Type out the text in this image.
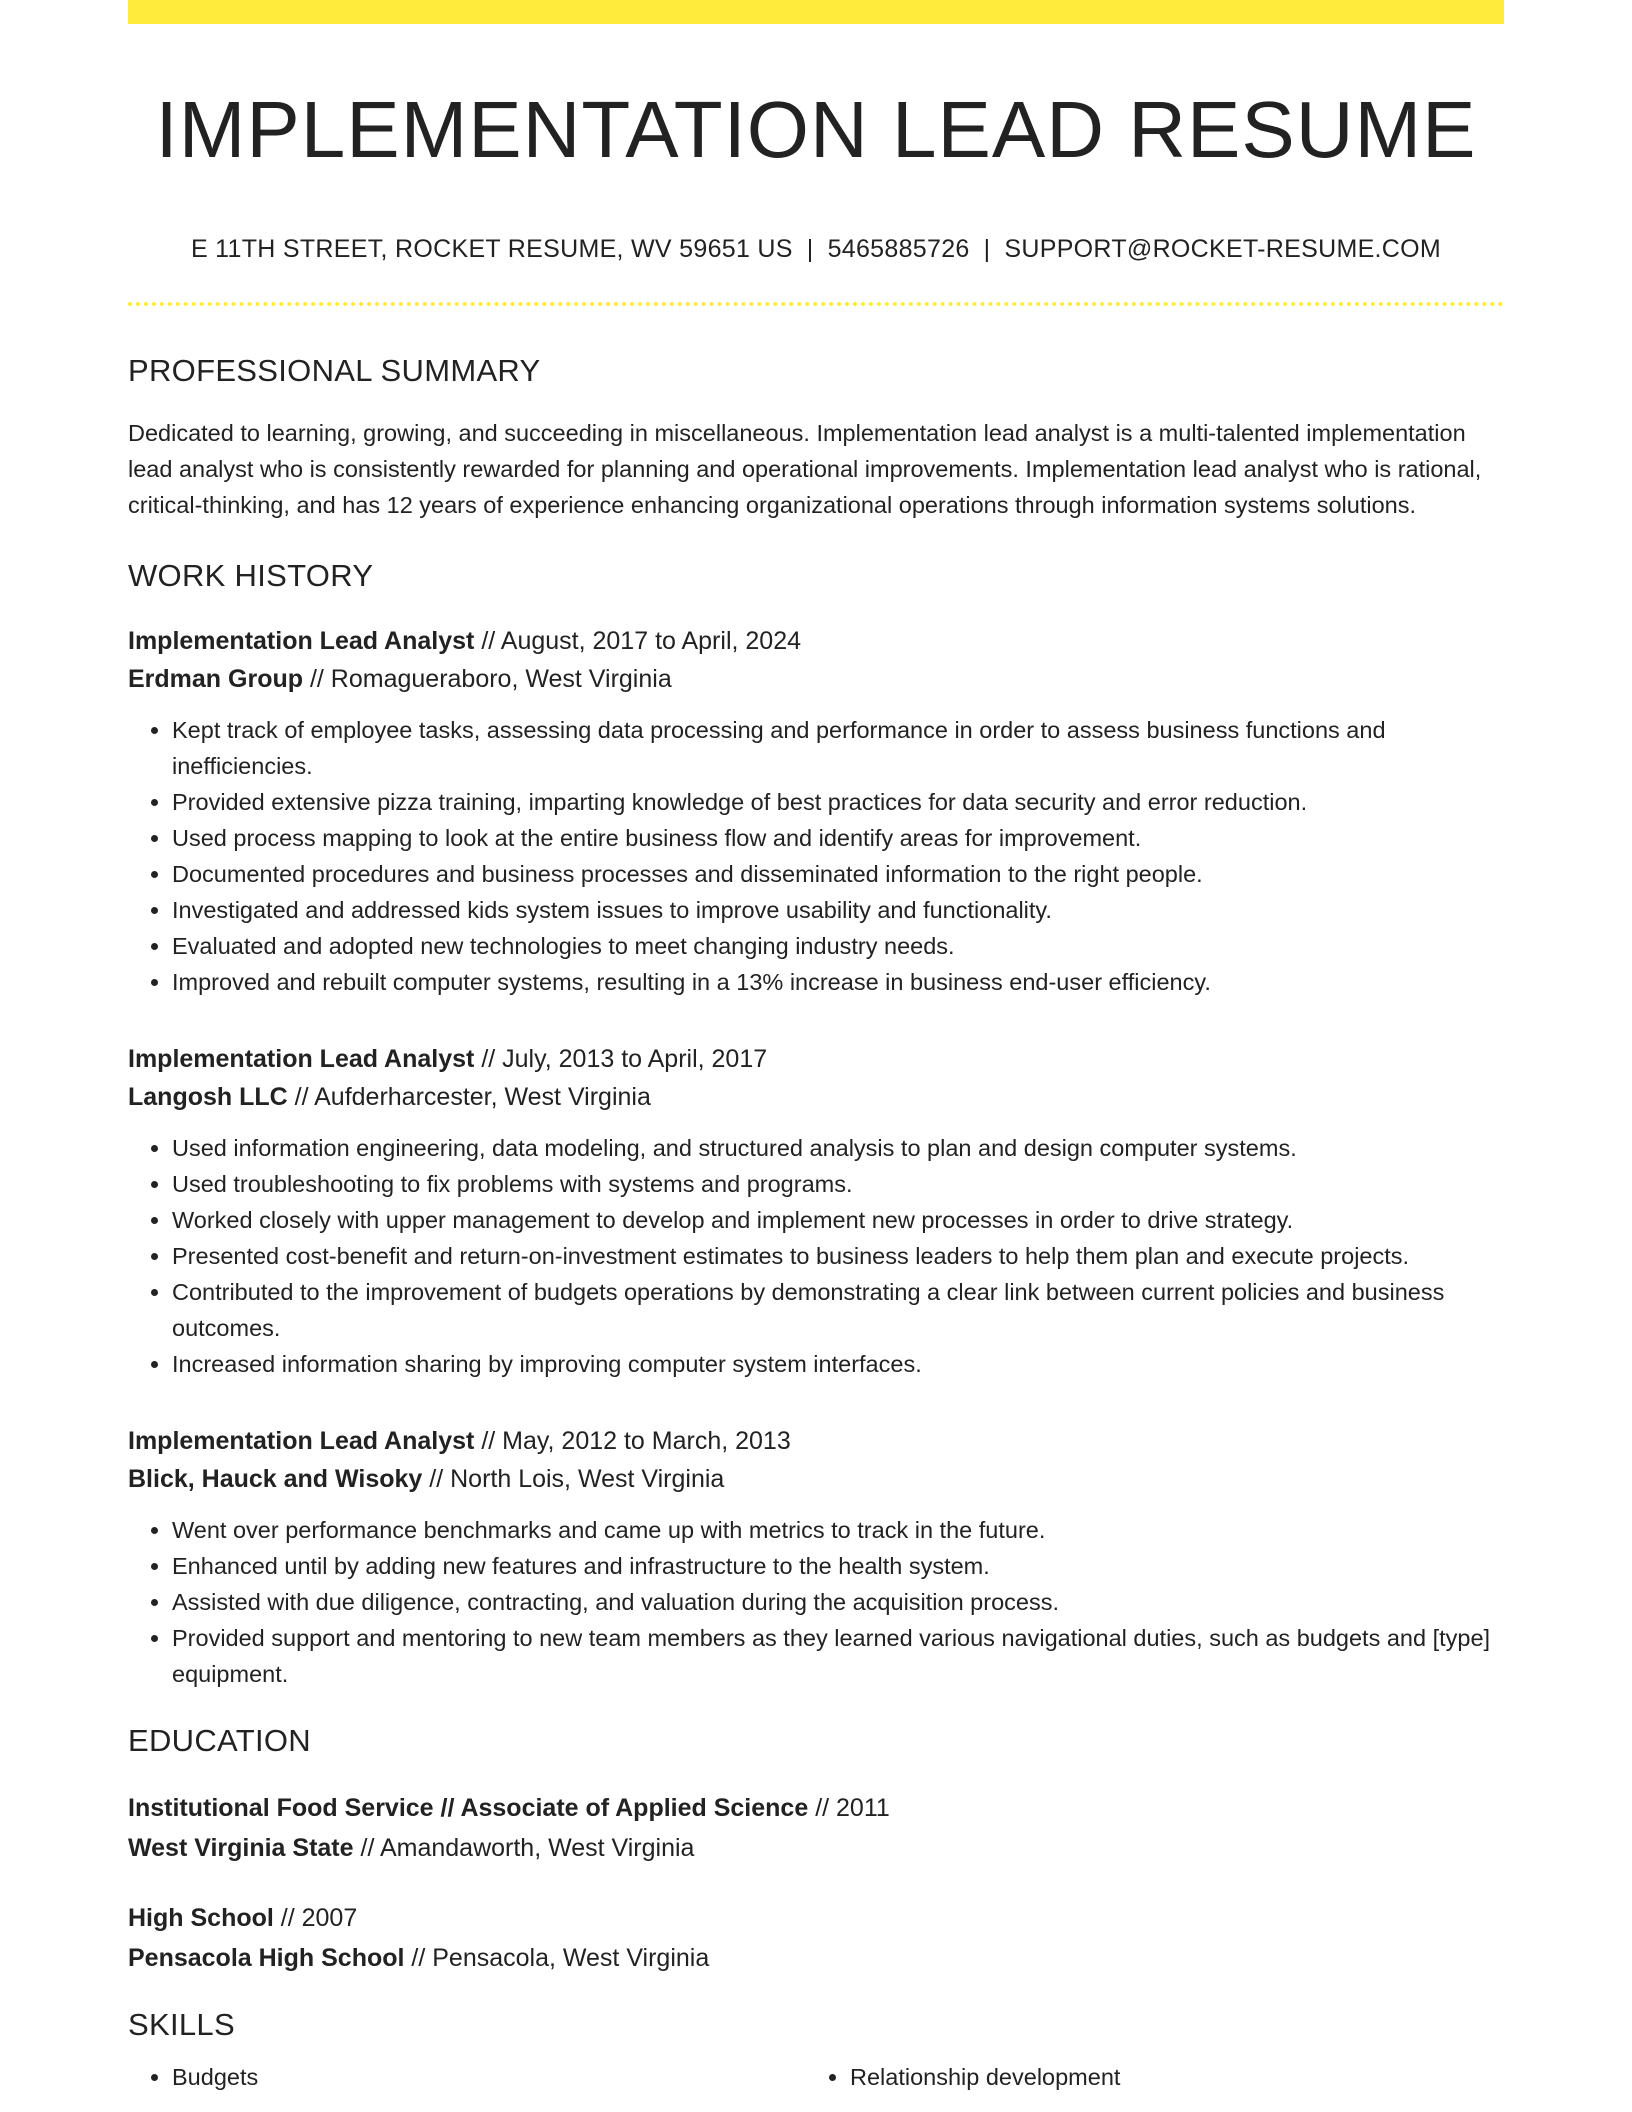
IMPLEMENTATION LEAD RESUME
E 11TH STREET, ROCKET RESUME, WV 59651 US | 5465885726 | SUPPORT@ROCKET-RESUME.COM
PROFESSIONAL SUMMARY

Dedicated to learning, growing, and succeeding in miscellaneous. Implementation lead analyst is a multi-talented implementation lead analyst who is consistently rewarded for planning and operational improvements. Implementation lead analyst who is rational, critical-thinking, and has 12 years of experience enhancing organizational operations through information systems solutions.

WORK HISTORY
Implementation Lead Analyst // August, 2017 to April, 2024
Erdman Group // Romagueraboro, West Virginia
• Kept track of employee tasks, assessing data processing and performance in order to assess business functions and inefficiencies.
• Provided extensive pizza training, imparting knowledge of best practices for data security and error reduction.
• Used process mapping to look at the entire business flow and identify areas for improvement.
• Documented procedures and business processes and disseminated information to the right people.
• Investigated and addressed kids system issues to improve usability and functionality.
• Evaluated and adopted new technologies to meet changing industry needs.
• Improved and rebuilt computer systems, resulting in a 13% increase in business end-user efficiency.
Implementation Lead Analyst // July, 2013 to April, 2017
Langosh LLC // Aufderharcester, West Virginia
• Used information engineering, data modeling, and structured analysis to plan and design computer systems.
• Used troubleshooting to fix problems with systems and programs.
• Worked closely with upper management to develop and implement new processes in order to drive strategy.
• Presented cost-benefit and return-on-investment estimates to business leaders to help them plan and execute projects.
• Contributed to the improvement of budgets operations by demonstrating a clear link between current policies and business outcomes.
• Increased information sharing by improving computer system interfaces.
Implementation Lead Analyst // May, 2012 to March, 2013
Blick, Hauck and Wisoky // North Lois, West Virginia
• Went over performance benchmarks and came up with metrics to track in the future.
• Enhanced until by adding new features and infrastructure to the health system.
• Assisted with due diligence, contracting, and valuation during the acquisition process.
• Provided support and mentoring to new team members as they learned various navigational duties, such as budgets and [type] equipment.
EDUCATION
Institutional Food Service // Associate of Applied Science // 2011
West Virginia State // Amandaworth, West Virginia
High School // 2007
Pensacola High School // Pensacola, West Virginia
SKILLS
• Budgets
•	Relationship development
